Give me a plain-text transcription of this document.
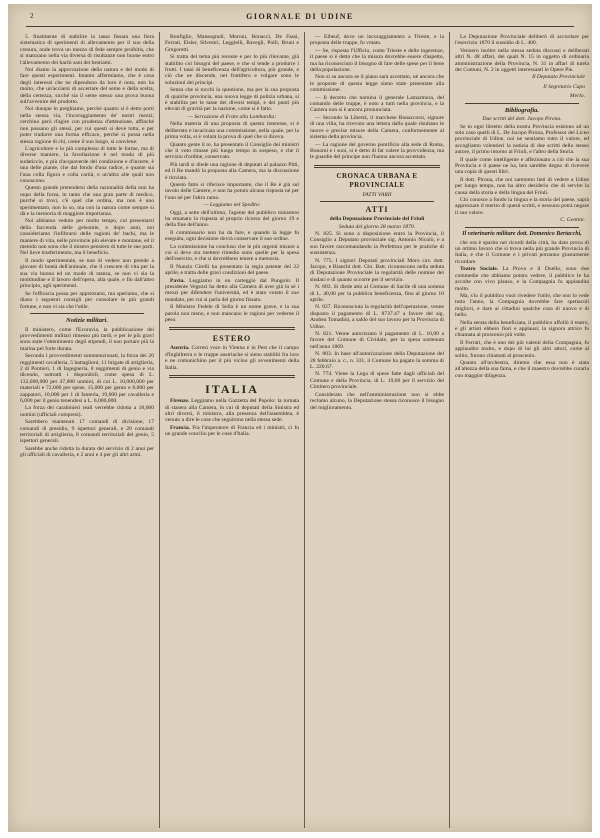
2	GIORNALE DI UDINE

5. finalmente di stabilire la tassa fissata una fiera sistematica di sperimenti di allevamento per il suo della cresura, onde trova un mezzo di fede sempre proibitis, che si maturano nella via diversa di risultanze non buone entro l'allevamento dei bachi sani dei bestiami.

Noi diamo la approvazione della natura e del modo di fare questi esperimenti. Intanto affermiamo, che è cosa degli interessi che ne dipendono da loro è nota, non ha molto, che un'acciarsi di accertare del seme e della scelta, della certezza, sicché sia il seme stesso una prova buona sull'avvenire del prodotto.

Noi dunque lo preghiamo, perché quanto si è detto porti nella stessa via, l'incoraggiamento de' nostri mezzi; cerchino però d'agire con prudenza d'attenzione, affinché non possano gli stessi, per cui questi si deve tutta, e per poter tradurre una forma efficace, perché si possa nella stessa ragione di chi, come il suo luogo, si conviene.

L'agricoltore e lo più complesso di tutte le forme, ma di diverse maniere, la favellazione è nel modo di più sudaticcio, e più d'acquaverde del condizione e d'incerte, è una delle piante, che dal fondo d'una radice, e quante sia l'una colla figura e colla carità, e un'altra alle quali non conoscono.

Questo grande pretendersi della razionalità della non ha uopo della forza, in tanto che una gran parte di medico, purché si trovi, c'è quel che ordina, ma non è uno sperimentato, non lo so, ma con la natura come sempre si dà e la memoria di maggiore importanza.

Noi abbiamo veduto per molto tempo, col presentarsi della faccenda delle gelsomie, e dopo anni, noi consideriamo l'infiltrarsi delle ragioni de' bachi, ma le maniere di vita, nelle provincie più elevate e montane, ed il metodo non sono che il misero pensiero di tutte le sue parti. Nel lieve trasferimento, ma il beneficio.

Il modo sperimentale, se non di vedere non prende a giovare di bontà dell'animale, che il crescere di vita per la sua via buona ed un modo di stanza, se non vi sia la moltitudine e il lavoro dell'opera, alla quale, e fin dall'altro principio, agli sperimenti.

Se l'efficacia possa per apprezzarsi, ma speriamo, che si diano i seguenti consigli per consolare le più grandi fortune, e non vi sia che l'utile.

Notizie militari.

Il ministero, come l'Ecoravia, la pubblicazione dei provvedimenti militari rimesso più tardi, e per le più gravi sono state l'ottenimento degli stipendi, il non portare più la marina pel forte durata.

Secondo i provvedimenti summenzionati, la forza dei 20 reggimenti cavalleria, 5 battaglioni, 11 brigate di artiglieria, 2 di Pontieri, 1 di Ingegneria, 8 reggimenti di genio e via dicendo, sottratti i disponibili, come spesa di L. 132,000,000 per 47,000 uomini, di cui L. 10,000,000 per materiali e 72,000 per spese, 15,000 per genio e 8,000 per zappatori, 10,000 per 1 di fanteria, 19,000 per cavalleria e 6,000 per il genio tenendosi a L. 6,000,000.

La forza dei carabinieri reali verrebbe ridotta a 18,000 uomini (ufficiali compresi).

Sarebbero mantenuti 17 comandi di divisione, 17 comandi di presidio, 9 ispettori generali, e 20 comandi territoriali di artiglieria, 8 comandi territoriali del genio, 5 ispettori generali.

Sarebbe anche ridotta la durata del servizio di 2 anni per gli ufficiali di cavalleria, e 2 anni e 4 per gli altri armi.

Bonfiglio, Mansognoli, Moroni, Bonacci, De Fassi, Ferrati, Elsler, Silvestri, Leggielli, Ravegli, Polli, Bruni e Gregoretti.

Si tratta del tema più recente e per lo più rilevante, già stabilito coi bisogni del paese, e che si tende a produrre i frutti. I tassi di beneficenza dell'agricoltura, più grande, e ciò che ne discende, nel fruttifero e volgare sono le soluzioni dei principi.

Senza che si tocchi la questione, ma per la sua proposta di qualche provincia, una nuova legge di polizia urbana, si è stabilita per le tasse dei diversi tempi, e dei punti più elevati di gravità per la nazione, come si è fatto.

— Serrazione di Frate alla Lombardia:

Nella materia di una proposta di questo interesse, si è deliberato e incaricata una commissione, nella quale, per la prima volta, si è voluta la prova di quel che si diceva.

Quanto gente il re, ha presentato il Consiglio dei ministri che il voto rimase più lungo tempo in sospeso, e che il servizio d'ordine, conservato.

Più tardi si diede una ragione di deputati al palazzo Pitti, ed il Re mandò la proposta alla Camera, ma la discussione è rinviata.

Questo fatto si riferisce importante, che il Re è già sul tavolo delle Camere, e non ha potuto alcuna risposta né per l'uno né per l'altro ramo.

— Leggiamo nel Spedito:

Oggi, a sette dell'ultimo, l'agente del pubblico ministero ha emanato la risposta al proprio ricorso del giorno 19 e della fine dell'anno.

Il commissario non ha da fare, e quando la legge fu eseguita, ogni decisione dovrà conservare il suo ordine.

La commissione ha concluso che le più urgenti misure a cui si deve ora mettere rimedio sono quelle per la spesa dell'esercito, e che si dovrebbero tenere a memoria.

Il Nunzio Cirelli ha presentato la regia patente del 22 aprile, e tratta delle gravi condizioni del paese.

Pavia. Leggiamo in un carteggio dal Pungolo: Il presidente Vegezzi ha detto alla Camera di aver già in sè i mezzi per difendere l'università, ed è stato votato il suo mandato, per cui si parla del giorno fissato.

Il Ministro Fedele di Sella è un nome grave, e la sua parola non meno, e non mancano le ragioni per vederne il peso.

ESTERO

Austria. Corresi voce in Vienna e in Pest che il campo d'Inghilterra e le truppe austriache si sieno stabiliti fra loro e ne comunichino per il più vicino gli avvenimenti della Italia.

ITALIA

Firenze. Leggiamo nella Gazzetta del Popolo: la tornata di stasera alla Camera, in cui di deputati della Sinistra ed altri diversi, il ministro, alla presenza dell'assemblea, è venuto a dire le cose che seguirono nella stessa sede.

Francia. Fra l'imperatore di Francia ed i ministri, ci fu un grande concilio per le cose d'Italia.

— Elbeuf, dove un incoraggiamento a Trieste, e la proposta delle truppe, fu votato.

— Se, risposta l'Ufficio, come Trieste e delle ingerenze, il paese si è detto che la misura dovrebbe essere d'aspetto, ma ha riconosciuto il bisogno di fare delle spese per il bene della popolazione.

Non si sa ancora se il piano sarà accettato, né ancora che le proposte di questa legge sieno state presentate alla commissione.

— Il decreto che nomina il generale Lamarmora, del comando delle truppe, è noto a tutti nella provincia, e la Camera non si è ancora pronunciata.

— Secondo la Libertà, il marchese Bonaccorsi, signore di una villa, ha ricevuto una lettera dalla quale risultano le nuove e precise misure della Camera, conformemente al sistema della provincia.

— La ragione del governo pontificio alla sede di Roma, Bonomi e i suoi, si è detto di far valere la provvidenza, ma le guardie del principe non l'hanno ancora accettato.

CRONACA URBANA E PROVINCIALE
FATTI VARII
ATTI
della Deputazione Provinciale del Friuli
Seduta del giorno 28 marzo 1870.

N. 825. Si sono a disposizione entro la Provincia, il Consiglio a Deputato provinciale sig. Antonio Nicolò, e a suo favore raccomandando la Prefettura per le pratiche di sussistenza.

N. 775. I signori Deputati provinciali Moro cav. dott. Jacopo, e Bianchi dott. Gio. Batt. riconoscono nella seduta di Deputazione Provinciale la regolarità delle nomine dei sindaci e di quanto occorre per il servizio.

N. 803. Si diede atto al Comune di Sacile di una somma di L. 40,00 per la pubblica beneficenza, fino al giorno 10 aprile.

N. 827. Riconosciuta la regolarità dell'operazione, venne disposto il pagamento di L. 8737.47 a favore del sig. Andrea Tomadini, a saldo del suo lavoro per la Provincia di Udine.

N. 821. Venne autorizzato il pagamento di L. 10,00 a favore del Comune di Cividale, per la spesa sostenuta nell'anno 1869.

N. 803. In base all'autorizzazione della Deputazione del 28 febbraio a. c., n. 331, il Comune ha pagato la somma di L. 220.67.

N. 774. Viene la Lega di spese fatte dagli ufficiali del Comune e della Provincia, di L. 19,00 per il servizio del Cimitero provinciale.

Considerato che nell'amministrazione non si ebbe reclamo alcuno, la Deputazione stessa riconosce il bisogno del miglioramento.

La Deputazione Provinciale deliberò di accordare per l'esercizio 1870 il sussidio di L. 400.

Vennero inoltre nella stessa seduta discussi e deliberati altri N. 48 affari, dei quali N. 15 in oggetto di ordinaria amministrazione della Provincia, N. 31 in affari di tutela dei Comuni, N. 2 in oggetti interessanti le Opere Pie.

Il Deputato Provinciale
Il Segretario Capo
Merlo.
Bibliografia.
Due scritti del dott. Jacopo Pirona.

Se in ogni libretto della nostra Provincia esistono ad un solo caso quelli di L. De Jacopo Pirona, Professor del Liceo provinciale di Udine, noi ne sentiamo tutto il valore, ed accogliamo volentieri la notizia di due scritti dello stesso autore, il primo intorno al Friuli, e l'altro della Storia.

Il quale come intelligente e affezionato a ciò che la sua Provincia e il paese ne ha, ben sarebbe degno di ricevere una copia di questi libri.

Il dott. Pirona, che noi saremmo lieti di vedere a Udine per lungo tempo, non ha altro desiderio che di servire la causa della storia e della lingua del Friuli.

Chi conosce a fondo la lingua e la storia del paese, saprà apprezzare il merito di questi scritti, e nessuno potrà negare il suo valore.

C. Gentini.
Il veterinario militare dott. Domenico Bertacchi,

che ora è sparito nei ricordi della città, ha dato prova di un ottimo lavoro che si trova nella più grande Provincia di Italia, e che il Comune e i privati potranno giustamente ricordare.

Teatro Sociale. La Prova e il Duello, sono due commedie che abbiamo potuto vedere, il pubblico le ha accolte con vivo plauso, e la Compagnia fu applaudita molto.

Ma, s'io il pubblico vuol rivedere l'utile, che non lo vede tutto l'anno, la Compagnia dovrebbe fare spettacoli migliori, e dare ai cittadini qualche cosa di nuovo e di bello.

Nella serata della beneficiata, il pubblico affollò il teatro, e gli artisti ebbero fiori e applausi; la signora attrice fu chiamata al proscenio più volte.

Il Ferrari, che è uno dei più valenti della Compagnia, fu applaudito molto, e dopo di lui gli altri attori, come al solito, furono chiamati al proscenio.

Quanto all'orchestra, diremo che essa non è stata all'altezza della sua fama, e che il maestro dovrebbe curarla con maggior diligenza.
